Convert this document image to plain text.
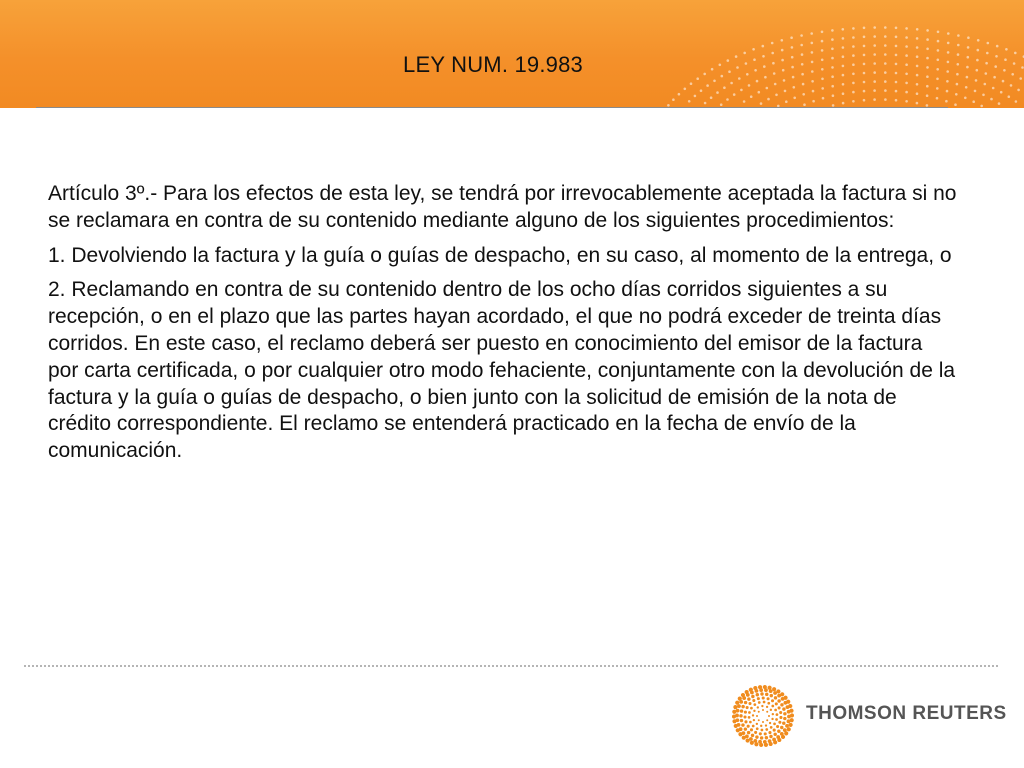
LEY NUM. 19.983

Artículo 3º.- Para los efectos de esta ley, se tendrá por irrevocablemente aceptada la factura si no se reclamara en contra de su contenido mediante alguno de los siguientes procedimientos:

1. Devolviendo la factura y la guía o guías de despacho, en su caso, al momento de la entrega, o

2. Reclamando en contra de su contenido dentro de los ocho días corridos siguientes a su recepción, o en el plazo que las partes hayan acordado, el que no podrá exceder de treinta días corridos. En este caso, el reclamo deberá ser puesto en conocimiento del emisor de la factura por carta certificada, o por cualquier otro modo fehaciente, conjuntamente con la devolución de la factura y la guía o guías de despacho, o bien junto con la solicitud de emisión de la nota de crédito correspondiente. El reclamo se entenderá practicado en la fecha de envío de la comunicación.

THOMSON REUTERS
